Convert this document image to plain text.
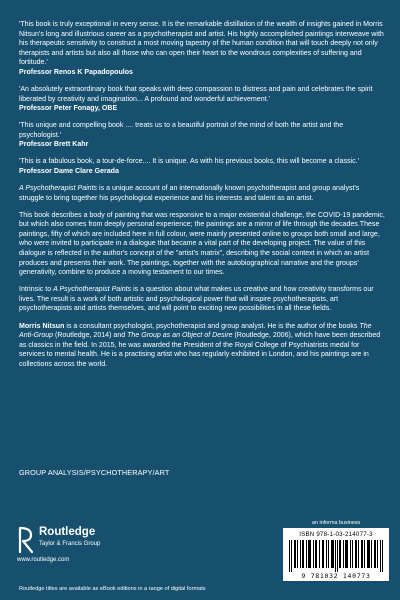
'This book is truly exceptional in every sense. It is the remarkable distillation of the wealth of insights gained in Morris Nitsun's long and illustrious career as a psychotherapist and artist. His highly accomplished paintings interweave with his therapeutic sensitivity to construct a most moving tapestry of the human condition that will touch deeply not only therapists and artists but also all those who can open their heart to the wondrous complexities of suffering and fortitude.'
Professor Renos K Papadopoulos
'An absolutely extraordinary book that speaks with deep compassion to distress and pain and celebrates the spirit liberated by creativity and imagination... A profound and wonderful achievement.'
Professor Peter Fonagy, OBE
'This unique and compelling book .... treats us to a beautiful portrait of the mind of both the artist and the psychologist.'
Professor Brett Kahr
'This is a fabulous book, a tour-de-force.... It is unique. As with his previous books, this will become a classic.'
Professor Dame Clare Gerada

A Psychotherapist Paints is a unique account of an internationally known psychotherapist and group analyst's struggle to bring together his psychological experience and his interests and talent as an artist.

This book describes a body of painting that was responsive to a major existential challenge, the COVID-19 pandemic, but which also comes from deeply personal experience; the paintings are a mirror of life through the decades.These paintings, fifty of which are included here in full colour, were mainly presented online to groups both small and large, who were invited to participate in a dialogue that became a vital part of the developing project. The value of this dialogue is reflected in the author's concept of the "artist's matrix", describing the social context in which an artist produces and presents their work. The paintings, together with the autobiographical narrative and the groups' generativity, combine to produce a moving testament to our times.

Intrinsic to A Psychotherapist Paints is a question about what makes us creative and how creativity transforms our lives. The result is a work of both artistic and psychological power that will inspire psychotherapists, art psychotherapists and artists themselves, and will point to exciting new possibilities in all these fields.

Morris Nitsun is a consultant psychologist, psychotherapist and group analyst. He is the author of the books The Anti-Group (Routledge, 2014) and The Group as an Object of Desire (Routledge, 2006), which have been described as classics in the field. In 2015, he was awarded the President of the Royal College of Psychiatrists medal for services to mental health. He is a practising artist who has regularly exhibited in London, and his paintings are in collections across the world.

GROUP ANALYSIS/PSYCHOTHERAPY/ART
Routledge
Taylor & Francis Group
www.routledge.com
an informa business
ISBN 978-1-03-214077-3
9 781032 140773
Routledge titles are available as eBook editions in a range of digital formats
